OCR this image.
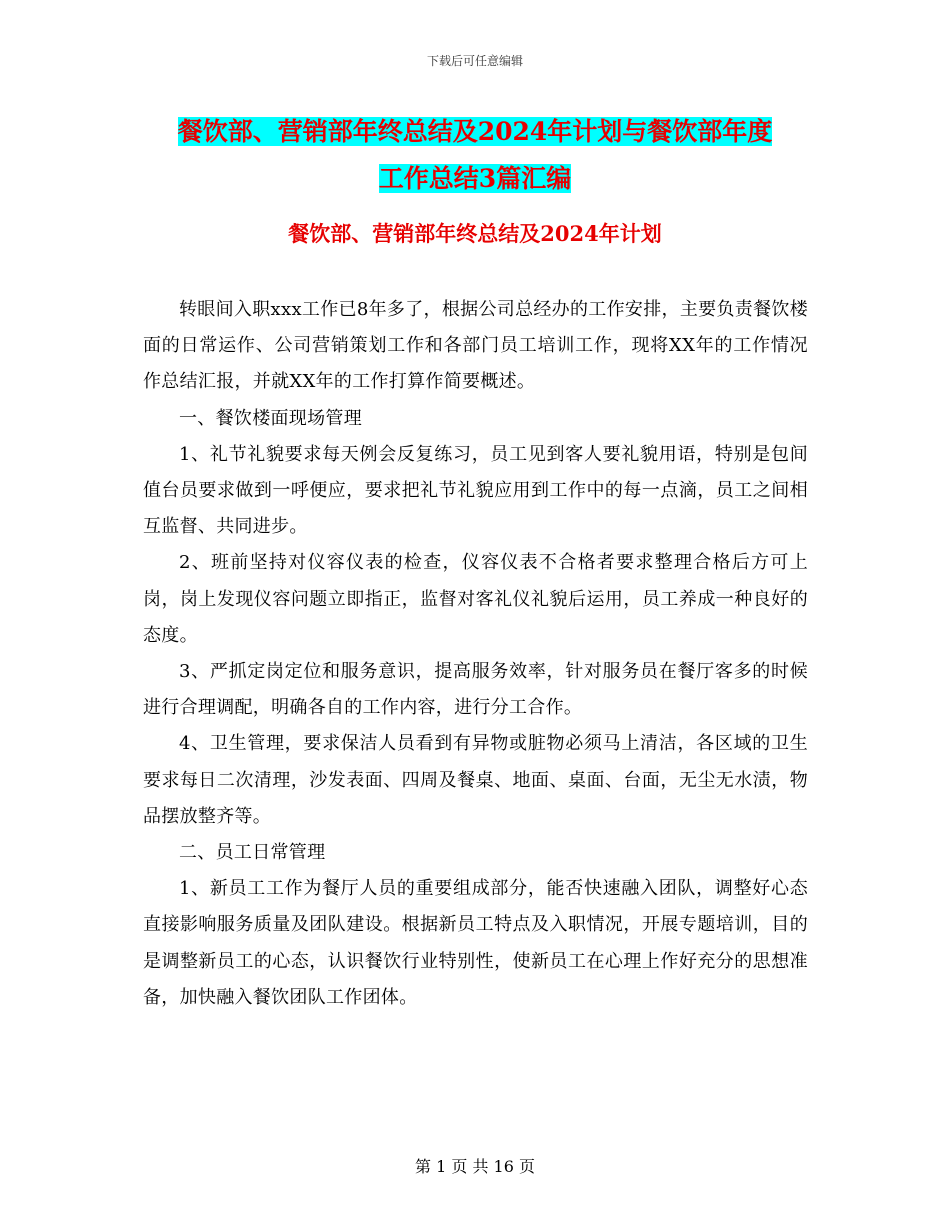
下载后可任意编辑
餐饮部、营销部年终总结及2024年计划与餐饮部年度
工作总结3篇汇编
餐饮部、营销部年终总结及2024年计划

转眼间入职xxx工作已8年多了，根据公司总经办的工作安排，主要负责餐饮楼面的日常运作、公司营销策划工作和各部门员工培训工作，现将XX年的工作情况作总结汇报，并就XX年的工作打算作简要概述。

一、餐饮楼面现场管理

1、礼节礼貌要求每天例会反复练习，员工见到客人要礼貌用语，特别是包间值台员要求做到一呼便应，要求把礼节礼貌应用到工作中的每一点滴，员工之间相互监督、共同进步。

2、班前坚持对仪容仪表的检查，仪容仪表不合格者要求整理合格后方可上岗，岗上发现仪容问题立即指正，监督对客礼仪礼貌后运用，员工养成一种良好的态度。

3、严抓定岗定位和服务意识，提高服务效率，针对服务员在餐厅客多的时候进行合理调配，明确各自的工作内容，进行分工合作。

4、卫生管理，要求保洁人员看到有异物或脏物必须马上清洁，各区域的卫生要求每日二次清理，沙发表面、四周及餐桌、地面、桌面、台面，无尘无水渍，物品摆放整齐等。

二、员工日常管理

1、新员工工作为餐厅人员的重要组成部分，能否快速融入团队，调整好心态直接影响服务质量及团队建设。根据新员工特点及入职情况，开展专题培训，目的是调整新员工的心态，认识餐饮行业特别性，使新员工在心理上作好充分的思想准备，加快融入餐饮团队工作团体。

第 1 页 共 16 页
